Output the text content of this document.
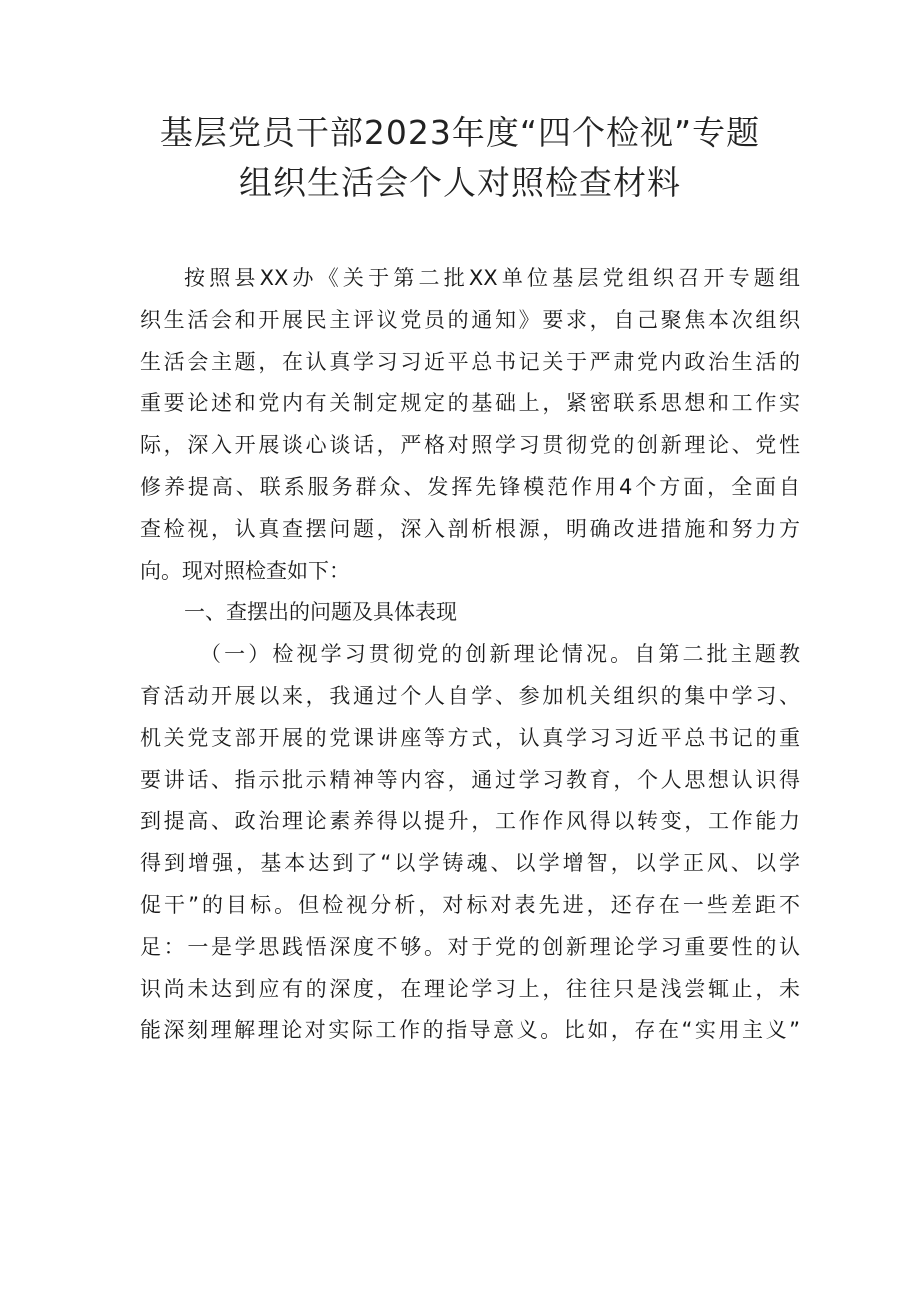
基层党员干部2023年度“四个检视”专题
组织生活会个人对照检查材料
按照县XX办《关于第二批XX单位基层党组织召开专题组
织生活会和开展民主评议党员的通知》要求，自己聚焦本次组织
生活会主题，在认真学习习近平总书记关于严肃党内政治生活的
重要论述和党内有关制定规定的基础上，紧密联系思想和工作实
际，深入开展谈心谈话，严格对照学习贯彻党的创新理论、党性
修养提高、联系服务群众、发挥先锋模范作用4个方面，全面自
查检视，认真查摆问题，深入剖析根源，明确改进措施和努力方
向。现对照检查如下：
一、查摆出的问题及具体表现
（一）检视学习贯彻党的创新理论情况。自第二批主题教
育活动开展以来，我通过个人自学、参加机关组织的集中学习、
机关党支部开展的党课讲座等方式，认真学习习近平总书记的重
要讲话、指示批示精神等内容，通过学习教育，个人思想认识得
到提高、政治理论素养得以提升，工作作风得以转变，工作能力
得到增强，基本达到了“以学铸魂、以学增智，以学正风、以学
促干”的目标。但检视分析，对标对表先进，还存在一些差距不
足：一是学思践悟深度不够。对于党的创新理论学习重要性的认
识尚未达到应有的深度，在理论学习上，往往只是浅尝辄止，未
能深刻理解理论对实际工作的指导意义。比如，存在“实用主义”
